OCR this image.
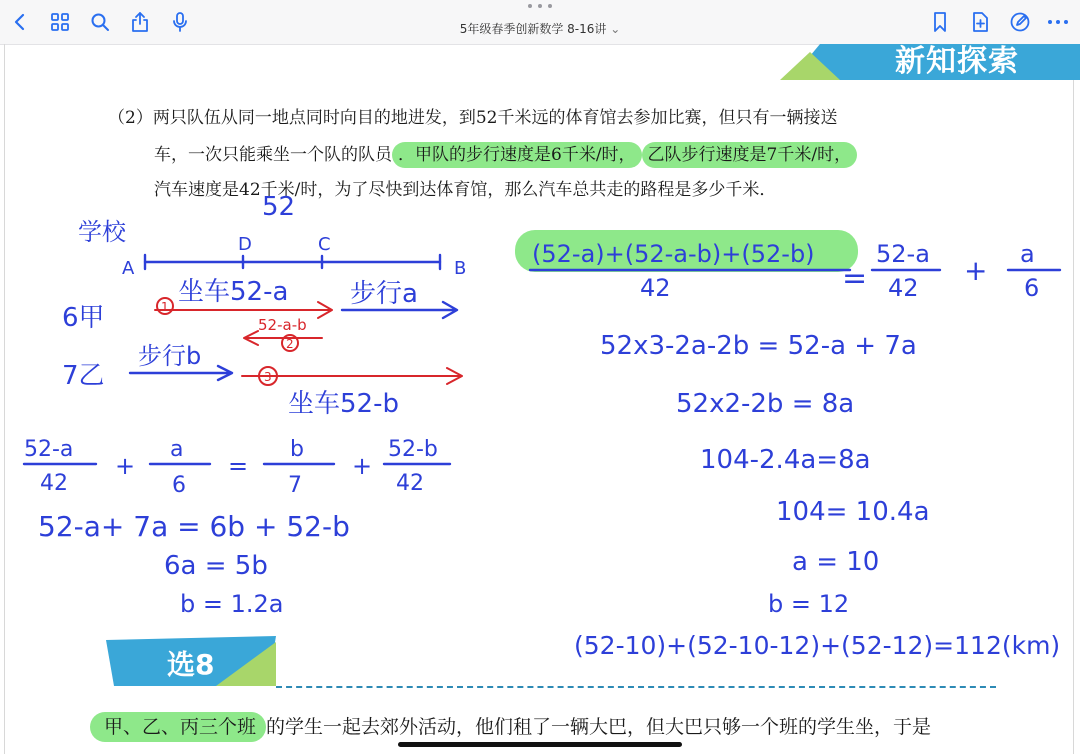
5年级春季创新数学 8-16讲 ⌄
新知探索
（2）两只队伍从同一地点同时向目的地进发，到52千米远的体育馆去参加比赛，但只有一辆接送
车，一次只能乘坐一个队的队员 ．甲队的步行速度是6千米/时， 乙队步行速度是7千米/时，
汽车速度是42千米/时，为了尽快到达体育馆，那么汽车总共走的路程是多少千米．
52
学校
A
D	C
B
6甲
7乙
坐车52-a
1	步行a
52-a-b
2
步行b
3
坐车52-b
52-a
42
+
a
6
=
b
7
+
52-b
42
52-a+ 7a = 6b + 52-b
6a = 5b
b = 1.2a
(52-a)+(52-a-b)+(52-b)
42	=
52-a
42
+ a
6
52x3-2a-2b = 52-a + 7a
52x2-2b = 8a
104-2.4a=8a
104= 10.4a
a = 10
b = 12
(52-10)+(52-10-12)+(52-12)=112(km)
选8
甲、乙、丙三个班 的学生一起去郊外活动，他们租了一辆大巴，但大巴只够一个班的学生坐，于是
